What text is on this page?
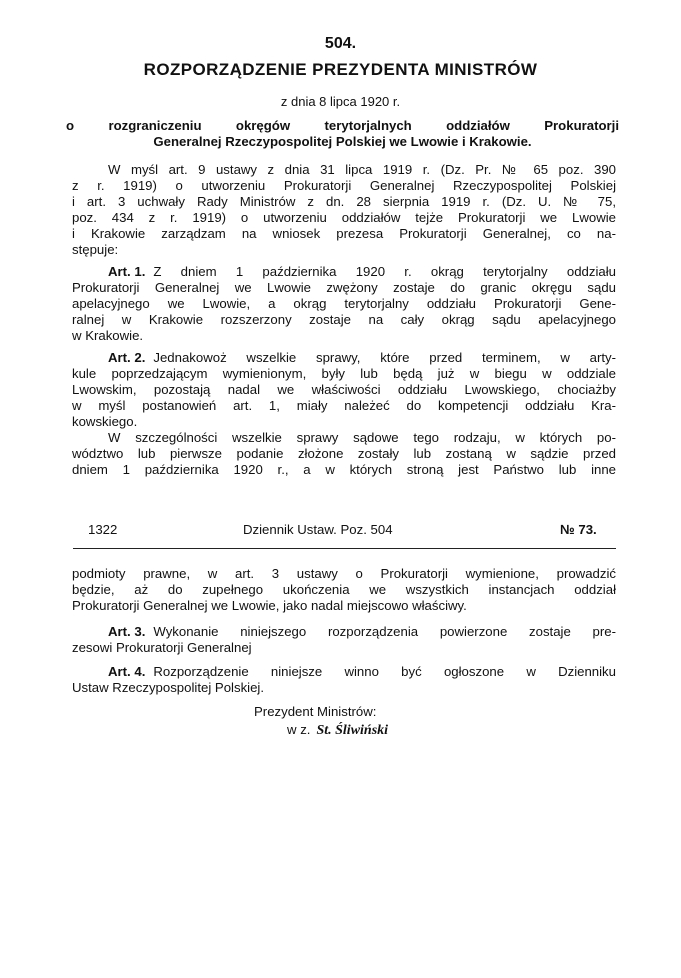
504.
ROZPORZĄDZENIE PREZYDENTA MINISTRÓW
z dnia 8 lipca 1920 r.
o rozgraniczeniu okręgów terytorjalnych oddziałów Prokuratorji
Generalnej Rzeczypospolitej Polskiej we Lwowie i Krakowie.
W myśl art. 9 ustawy z dnia 31 lipca 1919 r. (Dz. Pr. № 65 poz. 390
z r. 1919) o utworzeniu Prokuratorji Generalnej Rzeczypospolitej Polskiej
i art. 3 uchwały Rady Ministrów z dn. 28 sierpnia 1919 r. (Dz. U. № 75,
poz. 434 z r. 1919) o utworzeniu oddziałów tejże Prokuratorji we Lwowie
i Krakowie zarządzam na wniosek prezesa Prokuratorji Generalnej, co na-
stępuje:
Art. 1. Z dniem 1 października 1920 r. okrąg terytorjalny oddziału
Prokuratorji Generalnej we Lwowie zwężony zostaje do granic okręgu sądu
apelacyjnego we Lwowie, a okrąg terytorjalny oddziału Prokuratorji Gene-
ralnej w Krakowie rozszerzony zostaje na cały okrąg sądu apelacyjnego
w Krakowie.
Art. 2. Jednakowoż wszelkie sprawy, które przed terminem, w arty-
kule poprzedzającym wymienionym, były lub będą już w biegu w oddziale
Lwowskim, pozostają nadal we właściwości oddziału Lwowskiego, chociażby
w myśl postanowień art. 1, miały należeć do kompetencji oddziału Kra-
kowskiego.
W szczególności wszelkie sprawy sądowe tego rodzaju, w których po-
wództwo lub pierwsze podanie złożone zostały lub zostaną w sądzie przed
dniem 1 października 1920 r., a w których stroną jest Państwo lub inne
1322	Dziennik Ustaw. Poz. 504	№ 73.
podmioty prawne, w art. 3 ustawy o Prokuratorji wymienione, prowadzić
będzie, aż do zupełnego ukończenia we wszystkich instancjach oddział
Prokuratorji Generalnej we Lwowie, jako nadal miejscowo właściwy.
Art. 3. Wykonanie niniejszego rozporządzenia powierzone zostaje pre-
zesowi Prokuratorji Generalnej
Art. 4. Rozporządzenie niniejsze winno być ogłoszone w Dzienniku
Ustaw Rzeczypospolitej Polskiej.
Prezydent Ministrów:
w z. St. Śliwiński
